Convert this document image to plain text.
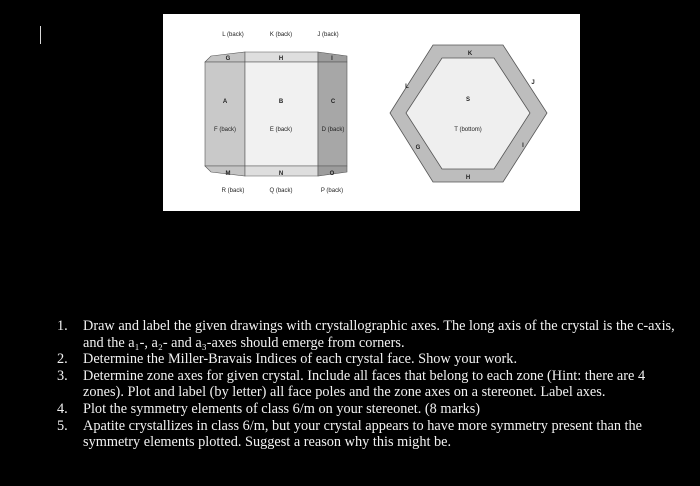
L (back)	K (back)	J (back)
G	H	I
A	B	C
F (back)	E (back)	D (back)
M	N	O
R (back)	Q (back)	P (back)
K
J
L
G	I
H
S
T (bottom)
1. Draw and label the given drawings with crystallographic axes. The long axis of the crystal is the c-axis, and the a₁-, a₂- and a₃-axes should emerge from corners.
2. Determine the Miller-Bravais Indices of each crystal face. Show your work.
3. Determine zone axes for given crystal. Include all faces that belong to each zone (Hint: there are 4 zones). Plot and label (by letter) all face poles and the zone axes on a stereonet. Label axes.
4. Plot the symmetry elements of class 6/m on your stereonet. (8 marks)
5. Apatite crystallizes in class 6/m, but your crystal appears to have more symmetry present than the symmetry elements plotted. Suggest a reason why this might be.
